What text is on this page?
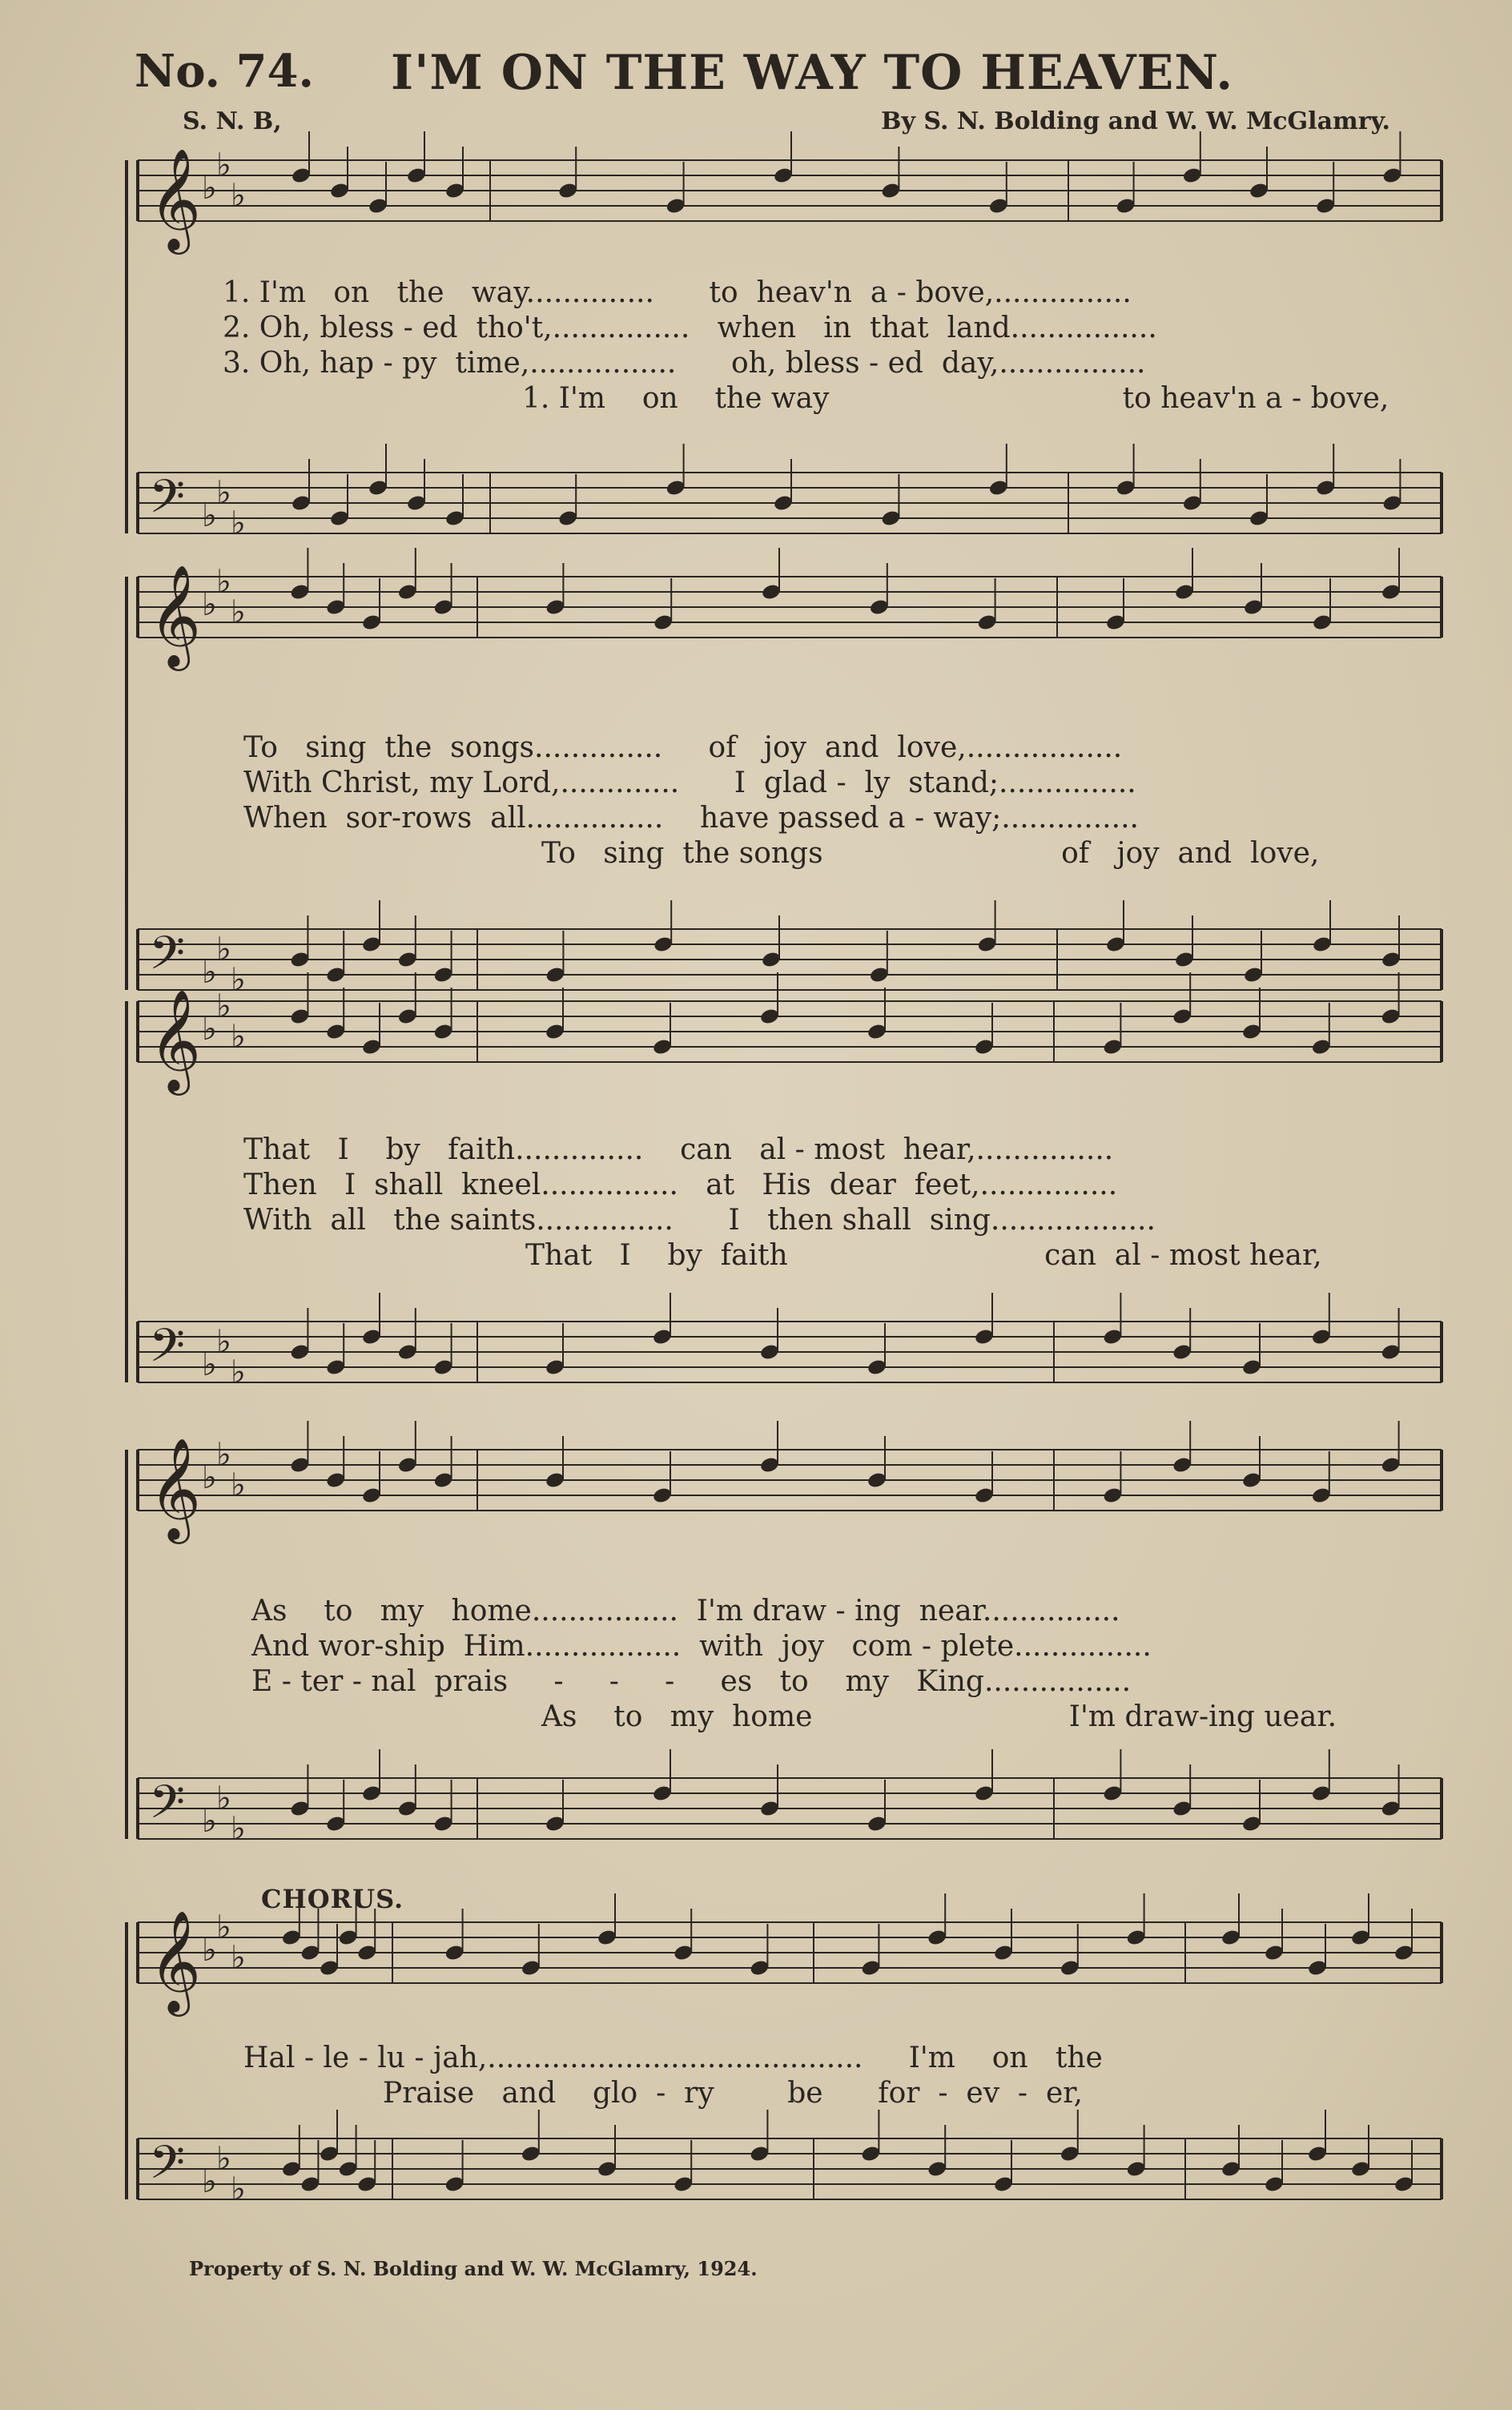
No. 74. I'M ON THE WAY TO HEAVEN.
S. N. B,	By S. N. Bolding and W. W. McGlamry.
𝄞 ♭
♭
♭
𝄢 ♭
♭
♭
1. I'm   on   the   way..............      to  heav'n  a - bove,...............
2. Oh, bless - ed  tho't,...............   when   in  that  land................
3. Oh, hap - py  time,................      oh, bless - ed  day,................
1. I'm    on    the way                                to heav'n a - bove,
𝄞 ♭
♭
♭
𝄢 ♭
♭
♭
To   sing  the  songs..............     of   joy  and  love,.................
With Christ, my Lord,.............      I  glad -  ly  stand;...............
When  sor-rows  all...............    have passed a - way;...............
To   sing  the songs                          of   joy  and  love,
𝄞 ♭
♭
♭
𝄢 ♭
♭
♭
That   I    by   faith..............    can   al - most  hear,...............
Then   I  shall  kneel...............   at   His  dear  feet,...............
With  all   the saints...............      I   then shall  sing..................
That   I    by  faith                            can  al - most hear,
𝄞 ♭
♭
♭
𝄢 ♭
♭
♭
As    to   my   home................  I'm draw - ing  near...............
And wor-ship  Him.................  with  joy   com - plete...............
E - ter - nal  prais     -     -     -     es   to    my   King................
As    to   my  home                            I'm draw-ing uear.
𝄞 ♭
♭
♭
𝄢 ♭
♭
♭
CHORUS.
Hal - le - lu - jah,.........................................     I'm    on   the
Praise   and    glo  -  ry        be      for  -  ev  -  er,
Property of S. N. Bolding and W. W. McGlamry, 1924.
